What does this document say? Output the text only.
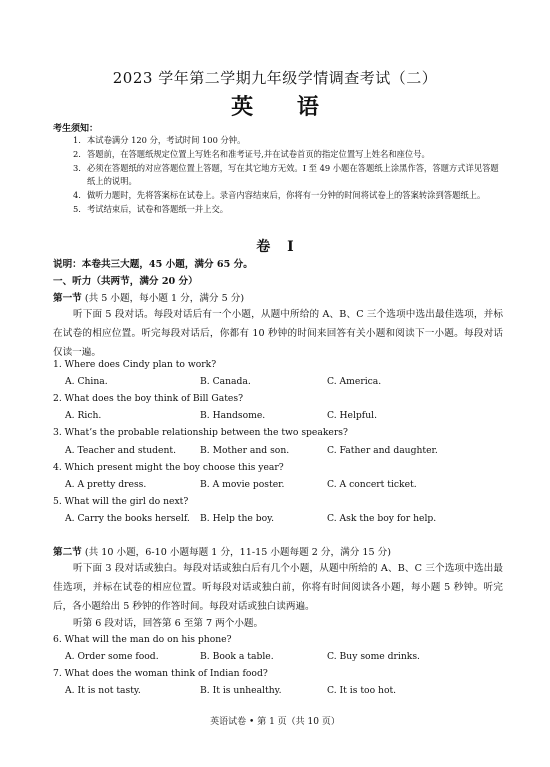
2023 学年第二学期九年级学情调查考试（二）
英 语
考生须知：
1. 本试卷满分 120 分，考试时间 100 分钟。
2. 答题前，在答题纸规定位置上写姓名和准考证号,并在试卷首页的指定位置写上姓名和座位号。
3. 必须在答题纸的对应答题位置上答题，写在其它地方无效。I 至 49 小题在答题纸上涂黑作答，答题方式详见答题纸上的说明。
4. 做听力题时，先将答案标在试卷上。录音内容结束后，你将有一分钟的时间将试卷上的答案转涂到答题纸上。
5. 考试结束后，试卷和答题纸一并上交。
卷 I
说明：本卷共三大题，45 小题，满分 65 分。
一、听力（共两节，满分 20 分）
第一节 (共 5 小题，每小题 1 分，满分 5 分)
听下面 5 段对话。每段对话后有一个小题，从题中所给的 A、B、C 三个选项中选出最佳选项，并标在试卷的相应位置。听完每段对话后，你都有 10 秒钟的时间来回答有关小题和阅读下一小题。每段对话仅读一遍。
1. Where does Cindy plan to work?
A. China.	B. Canada.	C. America.
2. What does the boy think of Bill Gates?
A. Rich.	B. Handsome.	C. Helpful.
3. What’s the probable relationship between the two speakers?
A. Teacher and student.	B. Mother and son.	C. Father and daughter.
4. Which present might the boy choose this year?
A. A pretty dress.	B. A movie poster.	C. A concert ticket.
5. What will the girl do next?
A. Carry the books herself. B. Help the boy.	C. Ask the boy for help.
第二节 (共 10 小题，6-10 小题每题 1 分，11-15 小题每题 2 分，满分 15 分)
听下面 3 段对话或独白。每段对话或独白后有几个小题，从题中所给的 A、B、C 三个选项中选出最佳选项，并标在试卷的相应位置。听每段对话或独白前，你将有时间阅读各小题，每小题 5 秒钟。听完后，各小题给出 5 秒钟的作答时间。每段对话或独白读两遍。
听第 6 段对话，回答第 6 至第 7 两个小题。
6. What will the man do on his phone?
A. Order some food.	B. Book a table.	C. Buy some drinks.
7. What does the woman think of Indian food?
A. It is not tasty.	B. It is unhealthy.	C. It is too hot.
英语试卷 • 第 1 页（共 10 页）
